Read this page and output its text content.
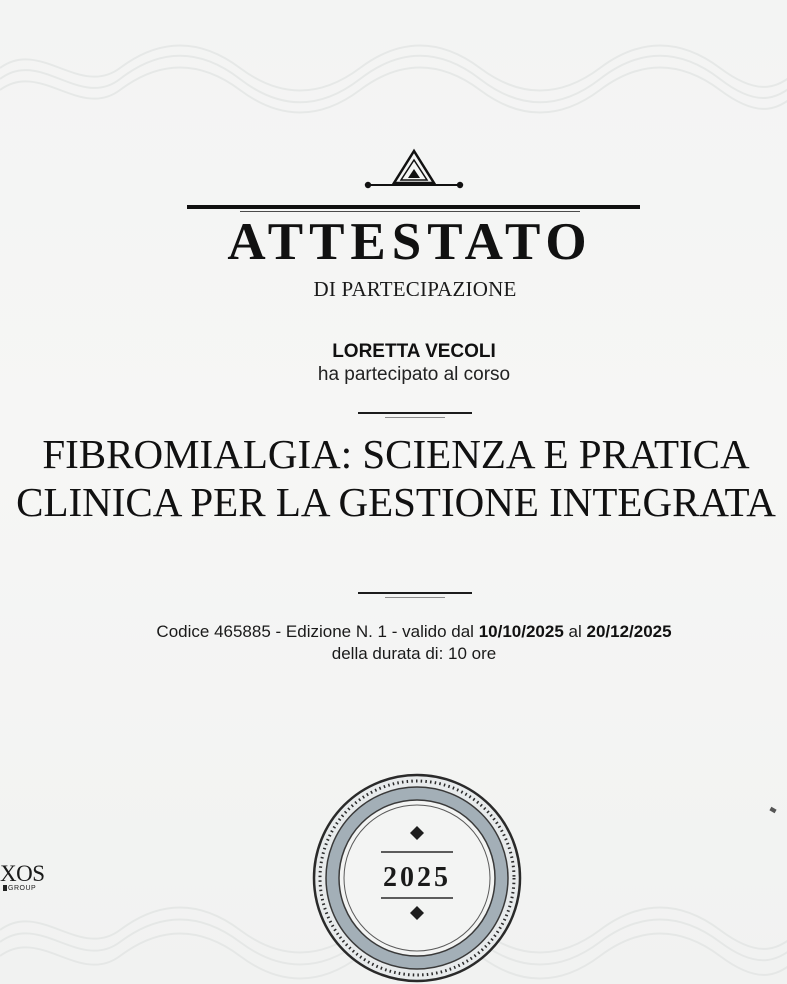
ATTESTATO
DI PARTECIPAZIONE
LORETTA VECOLI
ha partecipato al corso
FIBROMIALGIA: SCIENZA E PRATICA
CLINICA PER LA GESTIONE INTEGRATA
Codice 465885 - Edizione N. 1 - valido dal 10/10/2025 al 20/12/2025
della durata di: 10 ore
XOS
GROUP	2025
